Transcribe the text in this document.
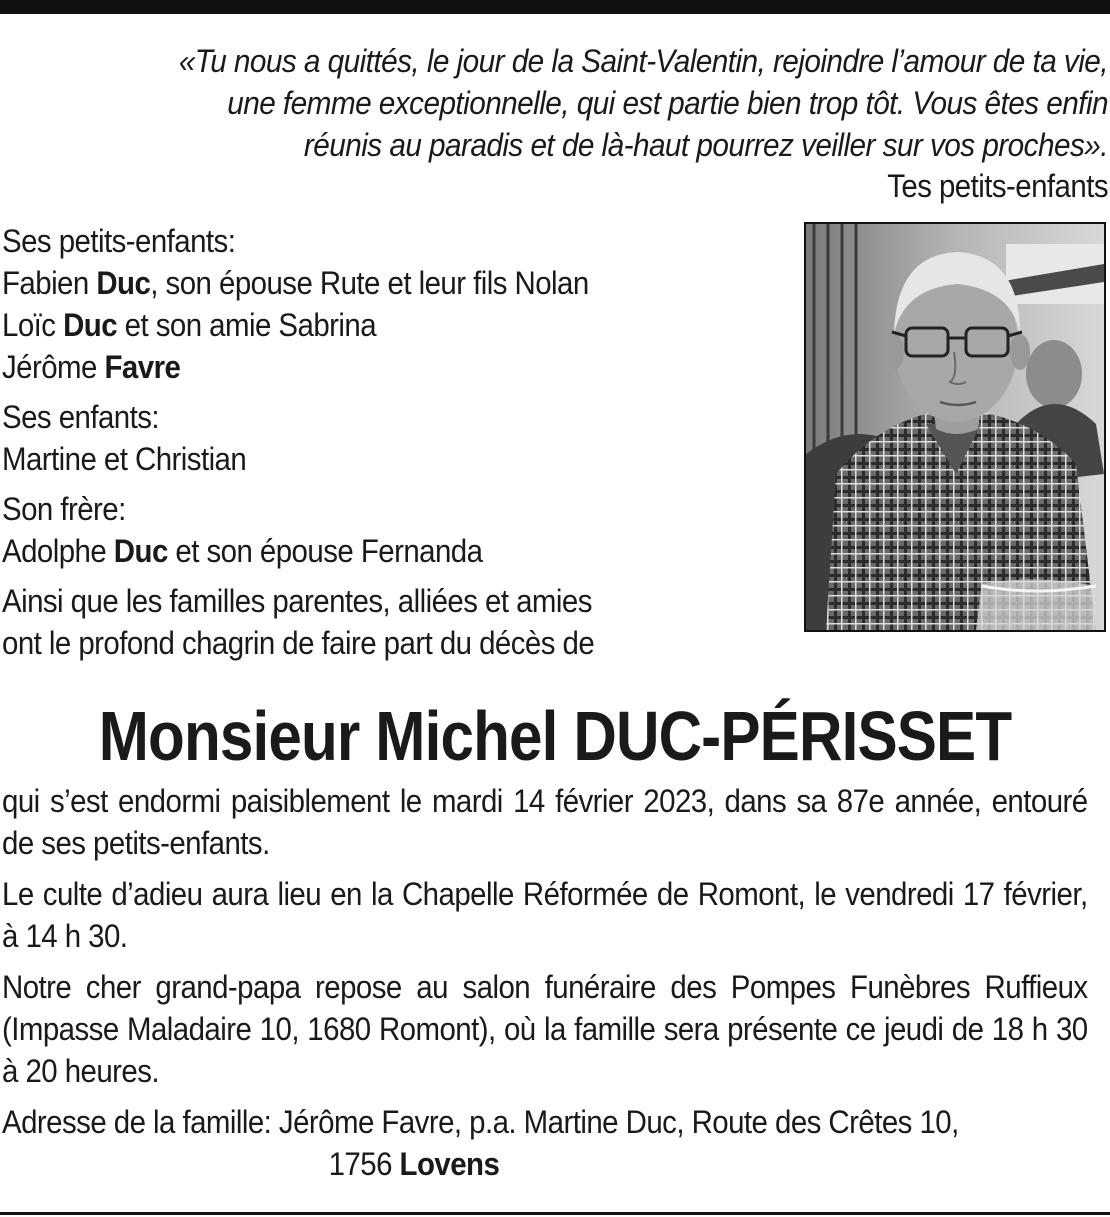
«Tu nous a quittés, le jour de la Saint-Valentin, rejoindre l’amour de ta vie,
une femme exceptionnelle, qui est partie bien trop tôt. Vous êtes enfin
réunis au paradis et de là-haut pourrez veiller sur vos proches».
Tes petits-enfants
Ses petits-enfants:
Fabien Duc, son épouse Rute et leur fils Nolan
Loïc Duc et son amie Sabrina
Jérôme Favre
Ses enfants:
Martine et Christian
Son frère:
Adolphe Duc et son épouse Fernanda
Ainsi que les familles parentes, alliées et amies
ont le profond chagrin de faire part du décès de
Monsieur Michel DUC-PÉRISSET

qui s’est endormi paisiblement le mardi 14 février 2023, dans sa 87e année, entouré de ses petits-enfants.

Le culte d’adieu aura lieu en la Chapelle Réformée de Romont, le vendredi 17 février, à 14 h 30.

Notre cher grand-papa repose au salon funéraire des Pompes Funèbres Ruffieux (Impasse Maladaire 10, 1680 Romont), où la famille sera présente ce jeudi de 18 h 30 à 20 heures.

Adresse de la famille: Jérôme Favre, p.a. Martine Duc, Route des Crêtes 10,
1756 Lovens
